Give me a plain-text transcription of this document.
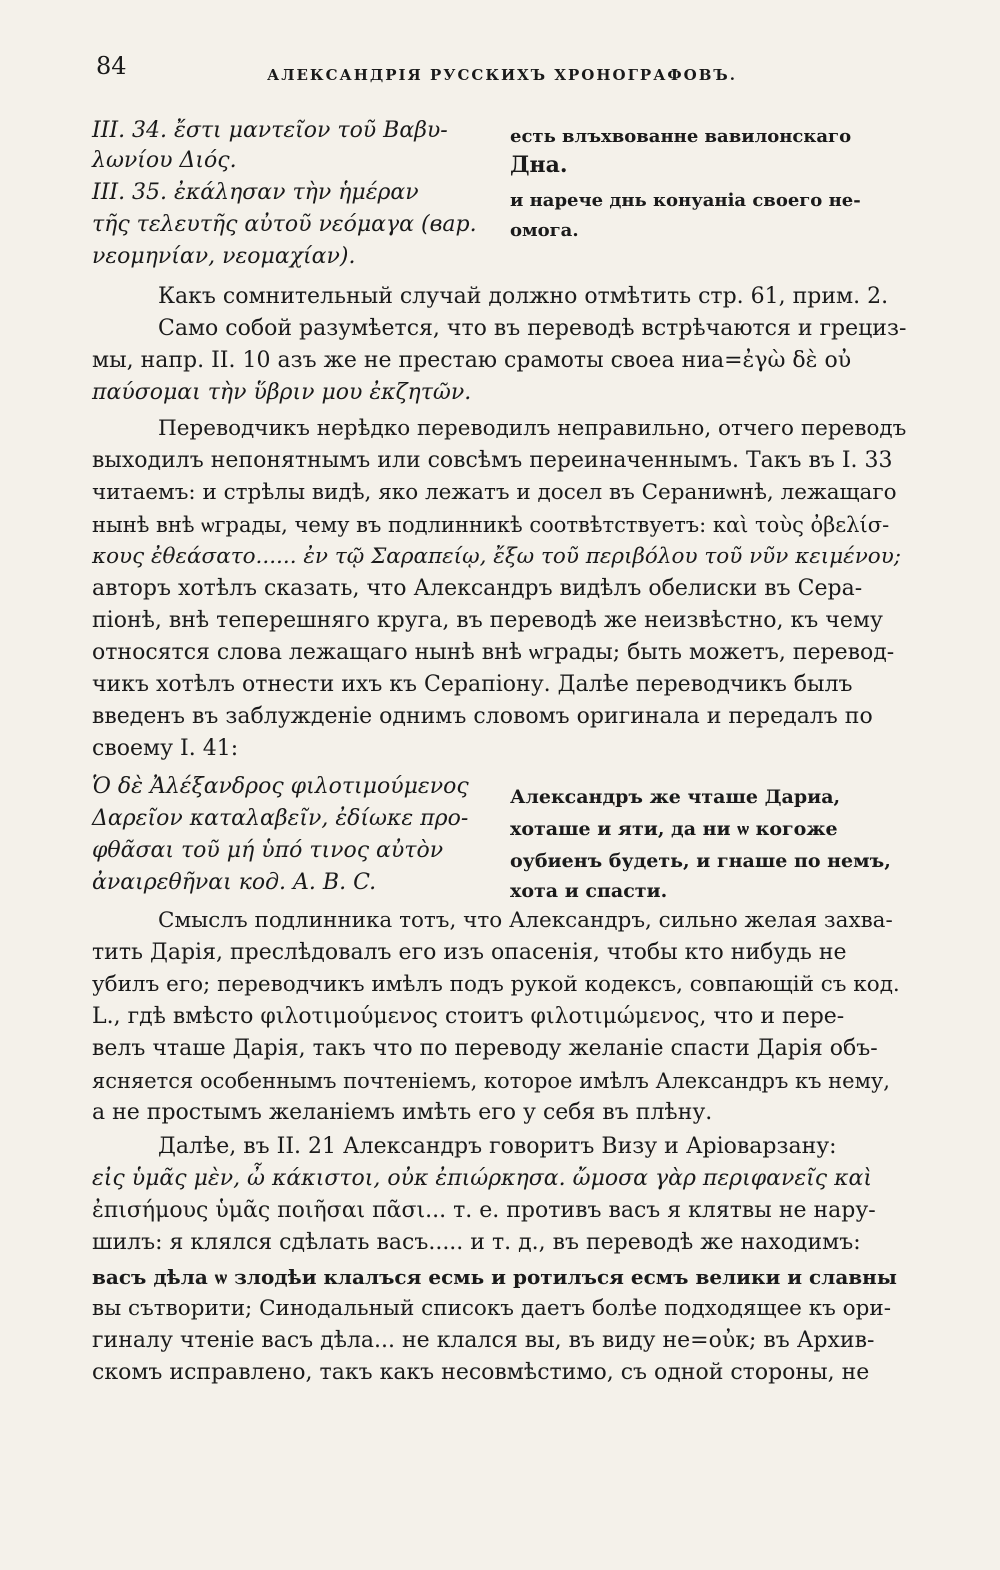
84	АЛЕКСАНДРІЯ РУССКИХЪ ХРОНОГРАФОВЪ.
III. 34. ἔστι μαντεῖον τοῦ Βαβυ-
λωνίου Διός.
III. 35. ἐκάλησαν τὴν ἡμέραν
τῆς τελευτῆς αὐτοῦ νεόμαγα (вар.
νεομηνίαν, νεομαχίαν).
есть влъхвованне вавилонскаго
Дна.
и нарече днь конуаніа своего не-
омога.
Какъ сомнительный случай должно отмѣтить стр. 61, прим. 2.
Само собой разумѣется, что въ переводѣ встрѣчаются и грециз-
мы, напр. II. 10 азъ же не престаю срамоты своеа ниа=ἐγὼ δὲ οὐ
παύσομαι τὴν ὕβριν μου ἐκζητῶν.
Переводчикъ нерѣдко переводилъ неправильно, отчего переводъ
выходилъ непонятнымъ или совсѣмъ переиначеннымъ. Такъ въ I. 33
читаемъ: и стрѣлы видѣ, яко лежатъ и досел въ Сераниѡнѣ, лежащаго
нынѣ внѣ ѡграды, чему въ подлинникѣ соотвѣтствуетъ: καὶ τοὺς ὀβελίσ-
κους ἐθεάσατο...... ἐν τῷ Σαραπείῳ, ἔξω τοῦ περιβόλου τοῦ νῦν κειμένου;
авторъ хотѣлъ сказать, что Александръ видѣлъ обелиски въ Сера-
піонѣ, внѣ теперешняго круга, въ переводѣ же неизвѣстно, къ чему
относятся слова лежащаго нынѣ внѣ ѡграды; быть можетъ, перевод-
чикъ хотѣлъ отнести ихъ къ Серапіону. Далѣе переводчикъ былъ
введенъ въ заблужденіе однимъ словомъ оригинала и передалъ по
своему I. 41:
Ὁ δὲ Ἀλέξανδρος φιλοτιμούμενος
Δαρεῖον καταλαβεῖν, ἐδίωκε προ-
φθᾶσαι τοῦ μή ὑπό τινος αὐτὸν
ἀναιρεθῆναι код. A. B. C.
Александръ же чташе Дариа,
хоташе и яти, да ни ѡ когоже
оубиенъ будеть, и гнаше по немъ,
хота и спасти.
Смыслъ подлинника тотъ, что Александръ, сильно желая захва-
тить Дарія, преслѣдовалъ его изъ опасенія, чтобы кто нибудь не
убилъ его; переводчикъ имѣлъ подъ рукой кодексъ, совпающій съ код.
L., гдѣ вмѣсто φιλοτιμούμενος стоитъ φιλοτιμώμενος, что и пере-
велъ чташе Дарія, такъ что по переводу желаніе спасти Дарія объ-
ясняется особеннымъ почтеніемъ, которое имѣлъ Александръ къ нему,
а не простымъ желаніемъ имѣть его у себя въ плѣну.
Далѣе, въ II. 21 Александръ говоритъ Визу и Аріоварзану:
εἰς ὑμᾶς μὲν, ὦ κάκιστοι, οὐκ ἐπιώρκησα. ὤμοσα γὰρ περιφανεῖς καὶ
ἐπισήμους ὑμᾶς ποιῆσαι πᾶσι... т. е. противъ васъ я клятвы не нару-
шилъ: я клялся сдѣлать васъ..... и т. д., въ переводѣ же находимъ:
васъ дѣла ѡ злодѣи клалъся есмь и ротилъся есмъ велики и славны
вы сътворити; Синодальный списокъ даетъ болѣе подходящее къ ори-
гиналу чтеніе васъ дѣла... не клался вы, въ виду не=οὐκ; въ Архив-
скомъ исправлено, такъ какъ несовмѣстимо, съ одной стороны, не
